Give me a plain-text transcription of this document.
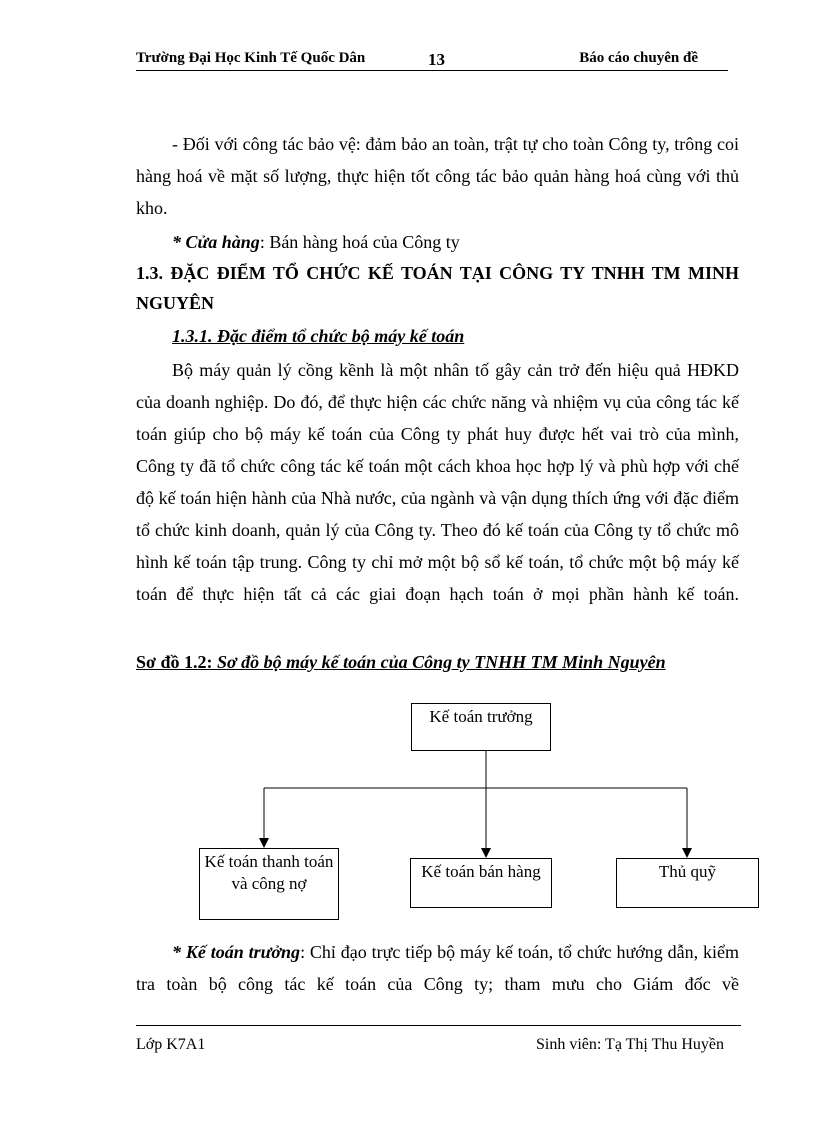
Trường Đại Học Kinh Tế Quốc Dân	13	Báo cáo chuyên đề

- Đối với công tác bảo vệ: đảm bảo an toàn, trật tự cho toàn Công ty, trông coi hàng hoá về mặt số lượng, thực hiện tốt công tác bảo quản hàng hoá cùng với thủ kho.

* Cửa hàng: Bán hàng hoá của Công ty

1.3. ĐẶC ĐIỂM TỔ CHỨC KẾ TOÁN TẠI CÔNG TY TNHH TM MINH NGUYÊN

1.3.1. Đặc điểm tổ chức bộ máy kế toán

Bộ máy quản lý cồng kềnh là một nhân tố gây cản trở đến hiệu quả HĐKD của doanh nghiệp. Do đó, để thực hiện các chức năng và nhiệm vụ của công tác kế toán giúp cho bộ máy kế toán của Công ty phát huy được hết vai trò của mình, Công ty đã tổ chức công tác kế toán một cách khoa học hợp lý và phù hợp với chế độ kế toán hiện hành của Nhà nước, của ngành và vận dụng thích ứng với đặc điểm tổ chức kinh doanh, quản lý của Công ty. Theo đó kế toán của Công ty tổ chức mô hình kế toán tập trung. Công ty chỉ mở một bộ sổ kế toán, tổ chức một bộ máy kế toán để thực hiện tất cả các giai đoạn hạch toán ở mọi phần hành kế toán.

Sơ đồ 1.2: Sơ đồ bộ máy kế toán của Công ty TNHH TM Minh Nguyên
Kế toán trưởng
Kế toán thanh toán và công nợ
Kế toán bán hàng	Thủ quỹ

* Kế toán trưởng: Chỉ đạo trực tiếp bộ máy kế toán, tổ chức hướng dẫn, kiểm tra toàn bộ công tác kế toán của Công ty; tham mưu cho Giám đốc về

Lớp K7A1	Sinh viên: Tạ Thị Thu Huyền
